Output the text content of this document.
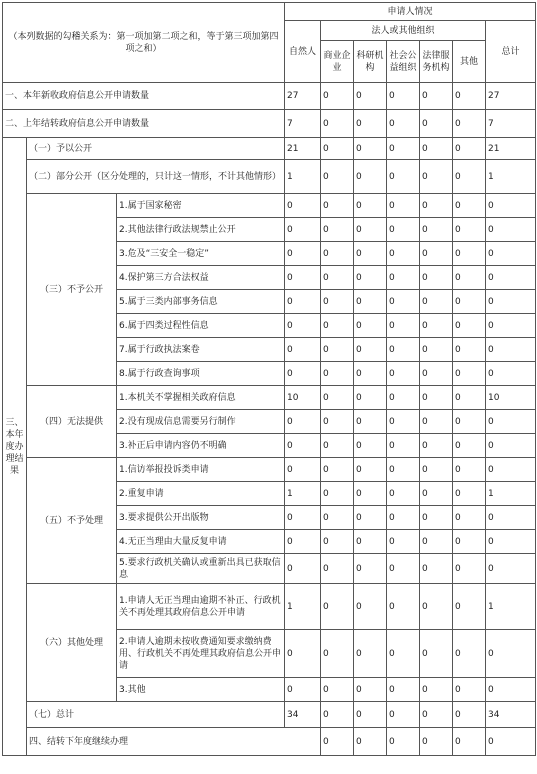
（本列数据的勾稽关系为：第一项加第二项之和，等于第三项加第四项之和）			申请人情况							
			自然人	法人或其他组织					总计	
				商业企业	科研机构	社会公益组织	法律服务机构	其他		
一、本年新收政府信息公开申请数量			27	0	0	0	0	0	27	
二、上年结转政府信息公开申请数量			7	0	0	0	0	0	7	

三、本年度办理结果	（一）予以公开		21	0	0	0	0	0	21	
	（二）部分公开（区分处理的，只计这一情形，不计其他情形）		1	0	0	0	0	0	1	
	（三）不予公开	1.属于国家秘密	0	0	0	0	0	0	0	
		2.其他法律行政法规禁止公开	0	0	0	0	0	0	0	
		3.危及“三安全一稳定”	0	0	0	0	0	0	0	
		4.保护第三方合法权益	0	0	0	0	0	0	0	
		5.属于三类内部事务信息	0	0	0	0	0	0	0	
		6.属于四类过程性信息	0	0	0	0	0	0	0	
		7.属于行政执法案卷	0	0	0	0	0	0	0	
		8.属于行政查询事项	0	0	0	0	0	0	0	
	（四）无法提供	1.本机关不掌握相关政府信息	10	0	0	0	0	0	10	
		2.没有现成信息需要另行制作	0	0	0	0	0	0	0	
		3.补正后申请内容仍不明确	0	0	0	0	0	0	0	
	（五）不予处理	1.信访举报投诉类申请	0	0	0	0	0	0	0	
		2.重复申请	1	0	0	0	0	0	1	
		3.要求提供公开出版物	0	0	0	0	0	0	0	
		4.无正当理由大量反复申请	0	0	0	0	0	0	0	
		5.要求行政机关确认或重新出具已获取信息	0	0	0	0	0	0	0	
	（六）其他处理	1.申请人无正当理由逾期不补正、行政机关不再处理其政府信息公开申请	1	0	0	0	0	0	1	
		2.申请人逾期未按收费通知要求缴纳费用、行政机关不再处理其政府信息公开申请	0	0	0	0	0	0	0	
		3.其他	0	0	0	0	0	0	0	
	（七）总计		34	0	0	0	0	0	34	
	四、结转下年度继续办理			0	0	0	0	0	0	
